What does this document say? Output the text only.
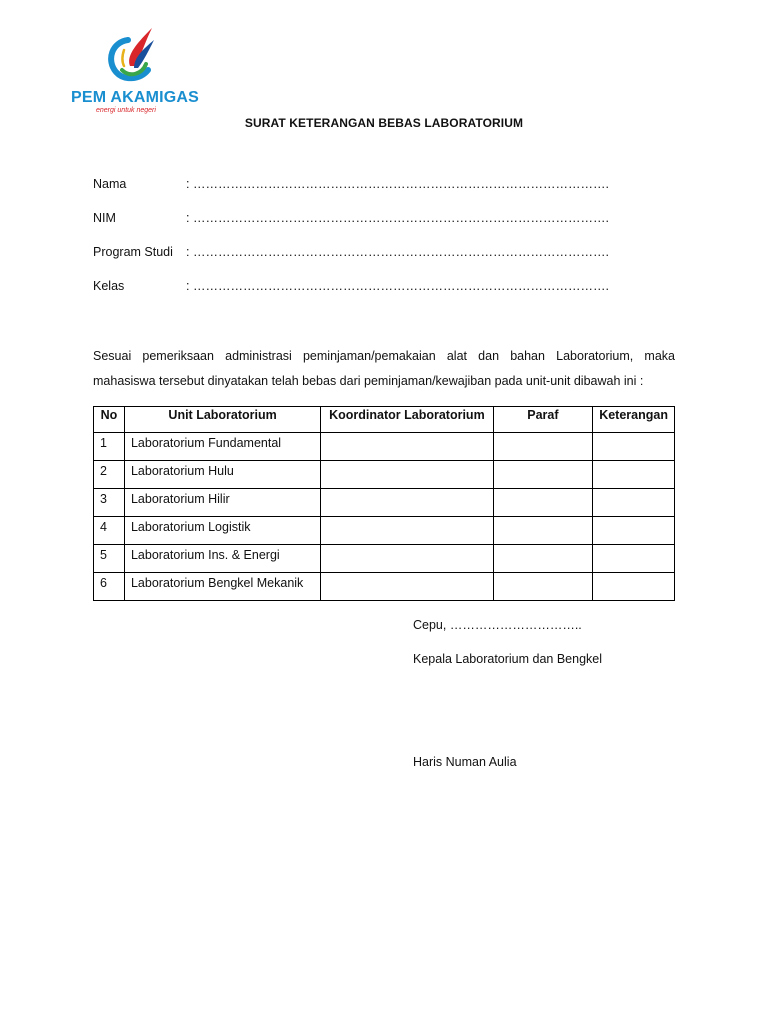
PEM AKAMIGAS
energi untuk negeri
SURAT KETERANGAN BEBAS LABORATORIUM
Nama	: ……………………………………………………………………………………….
NIM	: ……………………………………………………………………………………….
Program Studi : ……………………………………………………………………………………….
Kelas	: ……………………………………………………………………………………….
Sesuai pemeriksaan administrasi peminjaman/pemakaian alat dan bahan Laboratorium, maka mahasiswa tersebut dinyatakan telah bebas dari peminjaman/kewajiban pada unit-unit dibawah ini :
No	Unit Laboratorium	Koordinator Laboratorium	Paraf	Keterangan
1	Laboratorium Fundamental			
2	Laboratorium Hulu			
3	Laboratorium Hilir			
4	Laboratorium Logistik			
5	Laboratorium Ins. & Energi			
6	Laboratorium Bengkel Mekanik			
Cepu, …………………………..
Kepala Laboratorium dan Bengkel
Haris Numan Aulia
